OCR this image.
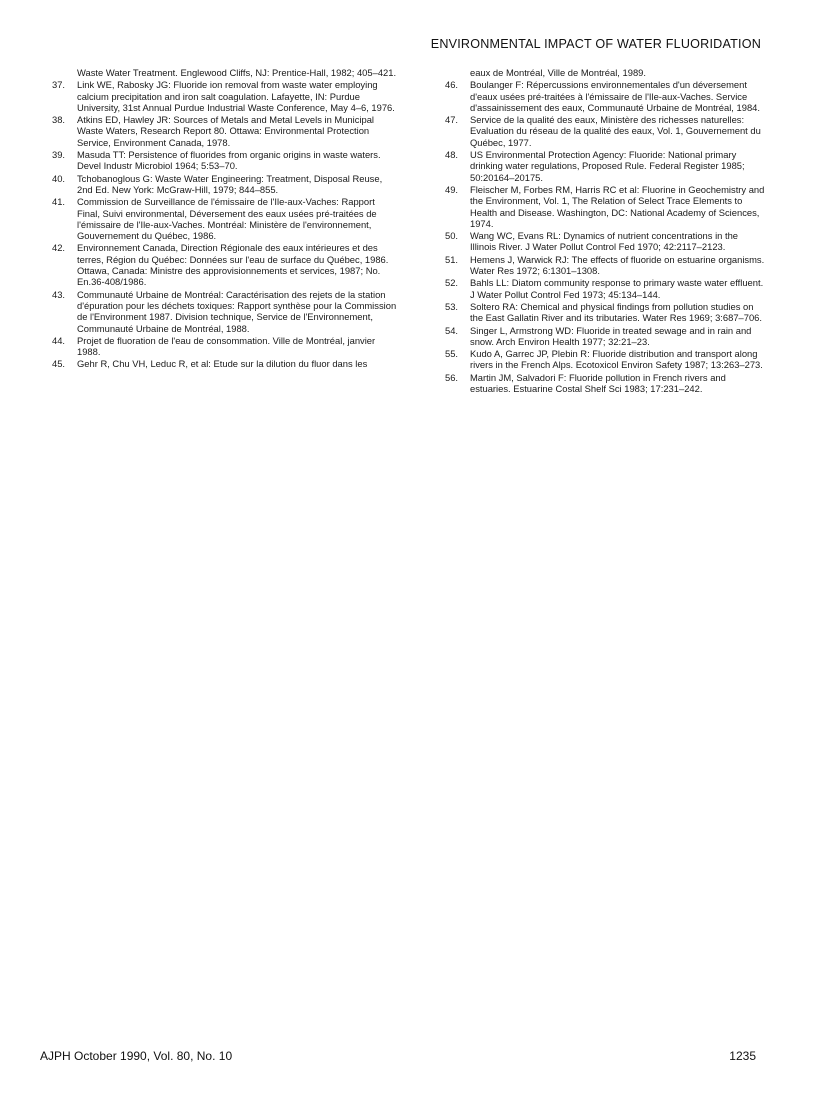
ENVIRONMENTAL IMPACT OF WATER FLUORIDATION
Waste Water Treatment. Englewood Cliffs, NJ: Prentice-Hall, 1982; 405–421.
37.	Link WE, Rabosky JG: Fluoride ion removal from waste water employing calcium precipitation and iron salt coagulation. Lafayette, IN: Purdue University, 31st Annual Purdue Industrial Waste Conference, May 4–6, 1976.
38.	Atkins ED, Hawley JR: Sources of Metals and Metal Levels in Municipal Waste Waters, Research Report 80. Ottawa: Environmental Protection Service, Environment Canada, 1978.
39.	Masuda TT: Persistence of fluorides from organic origins in waste waters. Devel Industr Microbiol 1964; 5:53–70.
40.	Tchobanoglous G: Waste Water Engineering: Treatment, Disposal Reuse, 2nd Ed. New York: McGraw-Hill, 1979; 844–855.
41.	Commission de Surveillance de l'émissaire de l'Ile-aux-Vaches: Rapport Final, Suivi environmental, Déversement des eaux usées pré-traitées de l'émissaire de l'Ile-aux-Vaches. Montréal: Ministère de l'environnement, Gouvernement du Québec, 1986.
42.	Environnement Canada, Direction Régionale des eaux intérieures et des terres, Région du Québec: Données sur l'eau de surface du Québec, 1986. Ottawa, Canada: Ministre des approvisionnements et services, 1987; No. En.36-408/1986.
43.	Communauté Urbaine de Montréal: Caractérisation des rejets de la station d'épuration pour les déchets toxiques: Rapport synthèse pour la Commission de l'Environment 1987. Division technique, Service de l'Environnement, Communauté Urbaine de Montréal, 1988.
44.	Projet de fluoration de l'eau de consommation. Ville de Montréal, janvier 1988.
45.	Gehr R, Chu VH, Leduc R, et al: Etude sur la dilution du fluor dans les
eaux de Montréal, Ville de Montréal, 1989.
46.	Boulanger F: Répercussions environnementales d'un déversement d'eaux usées pré-traitées à l'émissaire de l'Ile-aux-Vaches. Service d'assainissement des eaux, Communauté Urbaine de Montréal, 1984.
47.	Service de la qualité des eaux, Ministère des richesses naturelles: Evaluation du réseau de la qualité des eaux, Vol. 1, Gouvernement du Québec, 1977.
48.	US Environmental Protection Agency: Fluoride: National primary drinking water regulations, Proposed Rule. Federal Register 1985; 50:20164–20175.
49.	Fleischer M, Forbes RM, Harris RC et al: Fluorine in Geochemistry and the Environment, Vol. 1, The Relation of Select Trace Elements to Health and Disease. Washington, DC: National Academy of Sciences, 1974.
50.	Wang WC, Evans RL: Dynamics of nutrient concentrations in the Illinois River. J Water Pollut Control Fed 1970; 42:2117–2123.
51.	Hemens J, Warwick RJ: The effects of fluoride on estuarine organisms. Water Res 1972; 6:1301–1308.
52.	Bahls LL: Diatom community response to primary waste water effluent. J Water Pollut Control Fed 1973; 45:134–144.
53.	Soltero RA: Chemical and physical findings from pollution studies on the East Gallatin River and its tributaries. Water Res 1969; 3:687–706.
54.	Singer L, Armstrong WD: Fluoride in treated sewage and in rain and snow. Arch Environ Health 1977; 32:21–23.
55.	Kudo A, Garrec JP, Plebin R: Fluoride distribution and transport along rivers in the French Alps. Ecotoxicol Environ Safety 1987; 13:263–273.
56.	Martin JM, Salvadori F: Fluoride pollution in French rivers and estuaries. Estuarine Costal Shelf Sci 1983; 17:231–242.
AJPH October 1990, Vol. 80, No. 10	1235
